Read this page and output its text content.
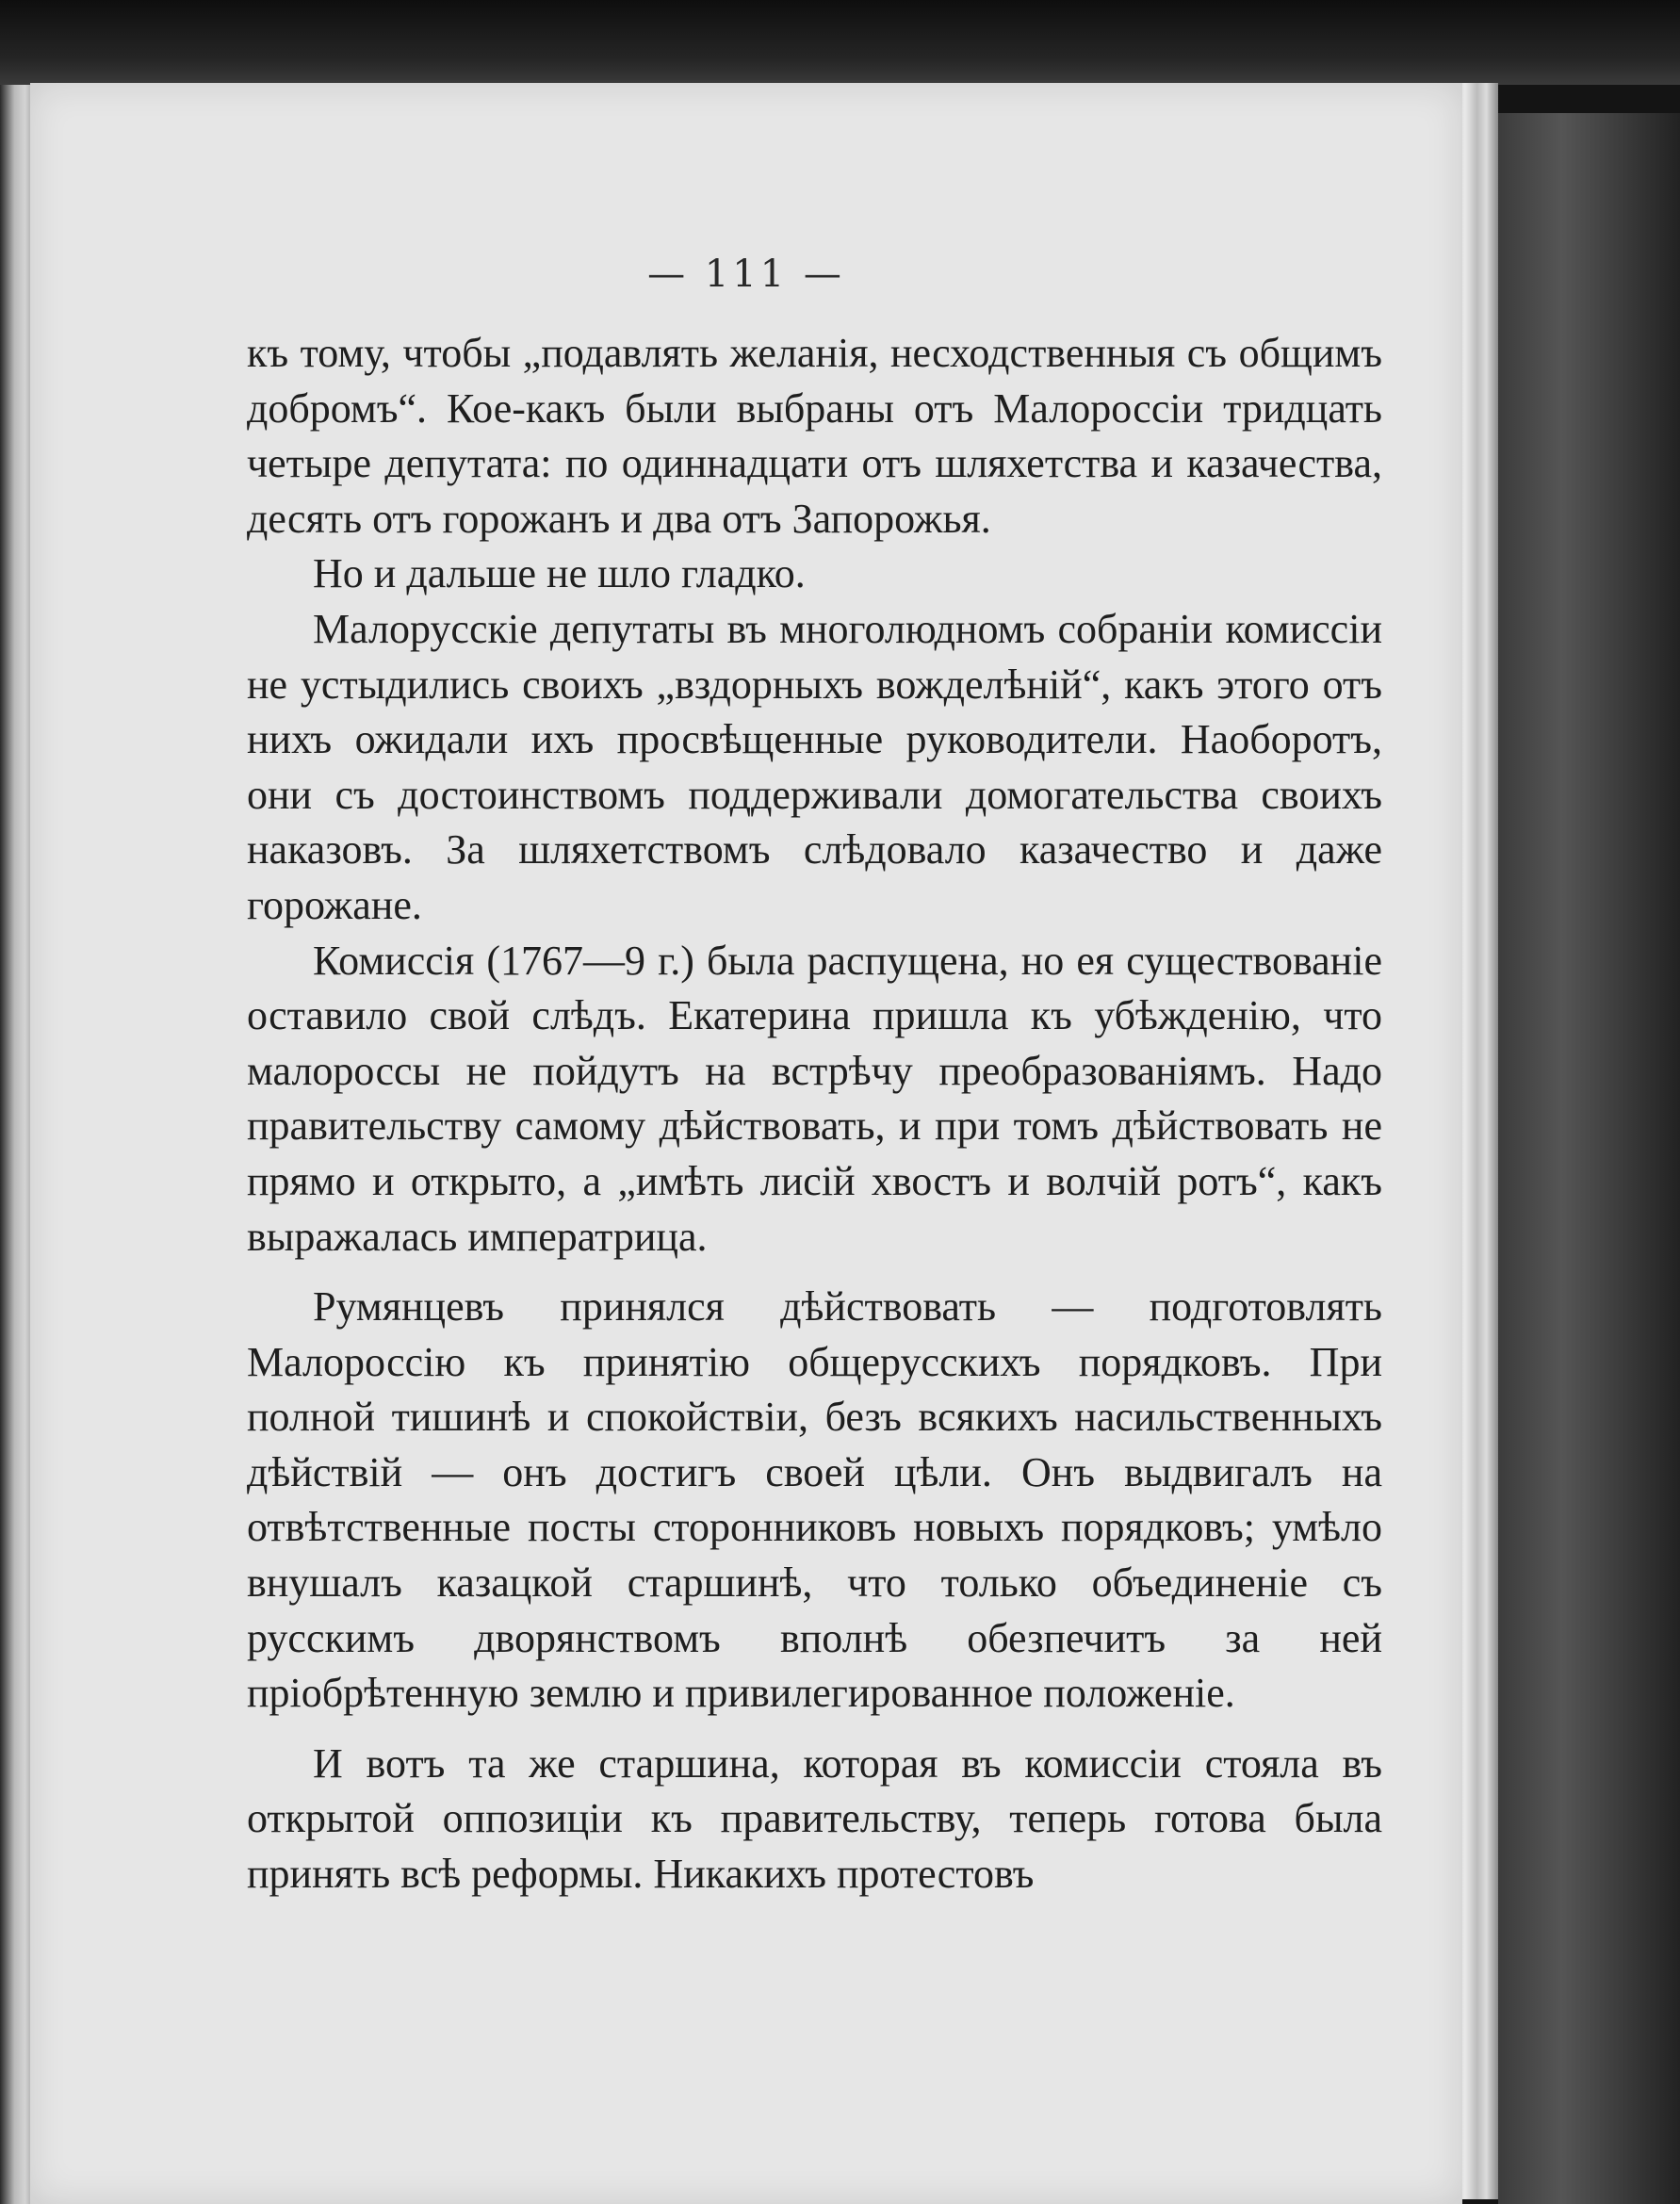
— 111 —

къ тому, чтобы „подавлять желанія, несходственныя съ общимъ добромъ“. Кое-какъ были выбраны отъ Малороссіи тридцать четыре депутата: по одиннадцати отъ шляхетства и казачества, десять отъ горожанъ и два отъ Запорожья.

Но и дальше не шло гладко.

Малорусскіе депутаты въ многолюдномъ собраніи комиссіи не устыдились своихъ „вздорныхъ вожделѣній“, какъ этого отъ нихъ ожидали ихъ просвѣщенные руководители. Наоборотъ, они съ достоинствомъ поддерживали домогательства своихъ наказовъ. За шляхетствомъ слѣдовало казачество и даже горожане.

Комиссія (1767—9 г.) была распущена, но ея существованіе оставило свой слѣдъ. Екатерина пришла къ убѣжденію, что малороссы не пойдутъ на встрѣчу преобразованіямъ. Надо правительству самому дѣйствовать, и при томъ дѣйствовать не прямо и открыто, а „имѣть лисій хвостъ и волчій ротъ“, какъ выражалась императрица.

Румянцевъ принялся дѣйствовать — подготовлять Малороссію къ принятію общерусскихъ порядковъ. При полной тишинѣ и спокойствіи, безъ всякихъ насильственныхъ дѣйствій — онъ достигъ своей цѣли. Онъ выдвигалъ на отвѣтственные посты сторонниковъ новыхъ порядковъ; умѣло внушалъ казацкой старшинѣ, что только объединеніе съ русскимъ дворянствомъ вполнѣ обезпечитъ за ней пріобрѣтенную землю и привилегированное положеніе.

И вотъ та же старшина, которая въ комиссіи стояла въ открытой оппозиціи къ правительству, теперь готова была принять всѣ реформы. Никакихъ протестовъ
